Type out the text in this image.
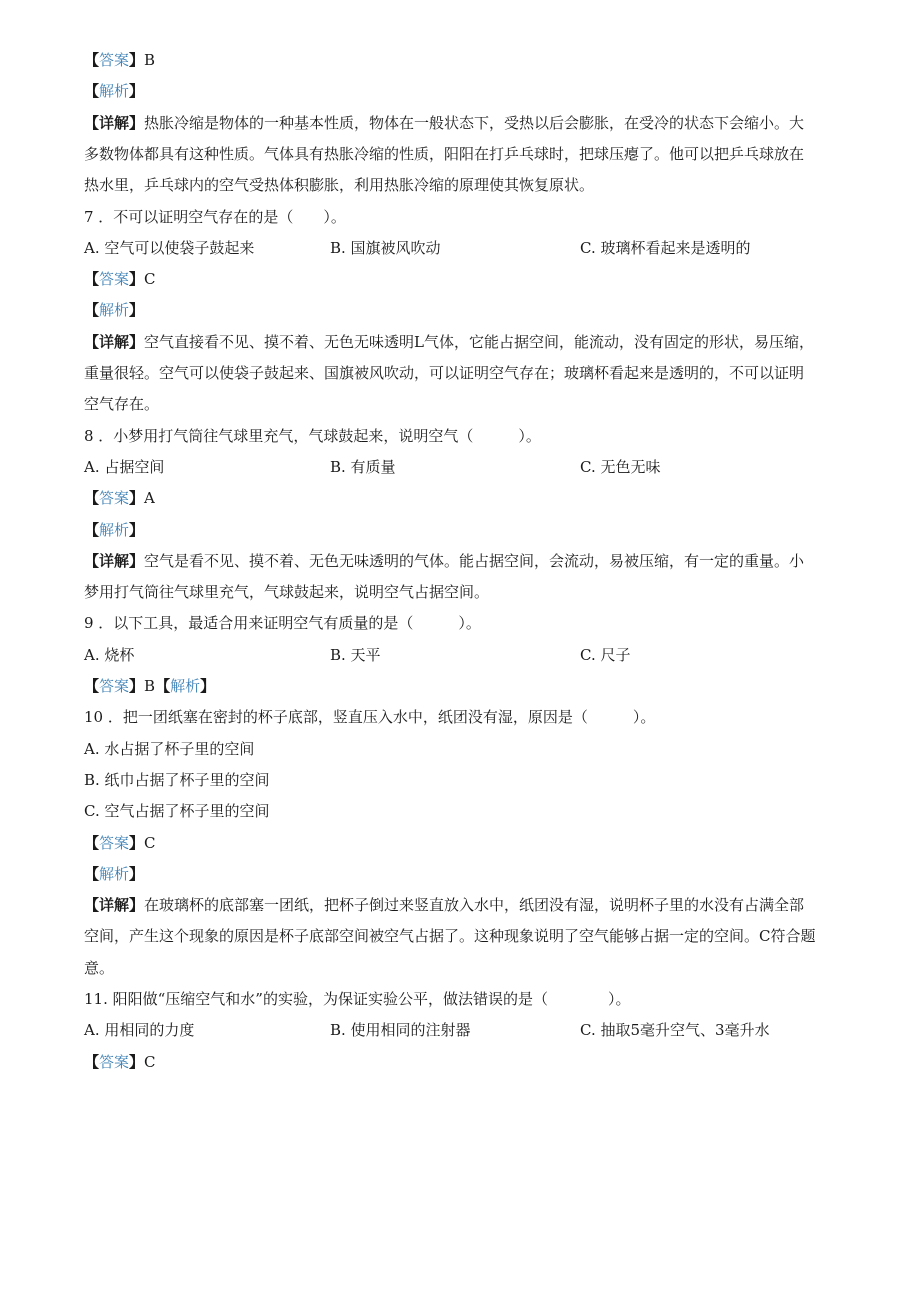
【答案】B
【解析】
【详解】热胀冷缩是物体的一种基本性质，物体在一般状态下，受热以后会膨胀，在受冷的状态下会缩小。大
多数物体都具有这种性质。气体具有热胀冷缩的性质，阳阳在打乒乓球时，把球压瘪了。他可以把乒乓球放在
热水里，乒乓球内的空气受热体积膨胀，利用热胀冷缩的原理使其恢复原状。
7 ．不可以证明空气存在的是（　　）。
A. 空气可以使袋子鼓起来	B. 国旗被风吹动	C. 玻璃杯看起来是透明的
【答案】C
【解析】
【详解】空气直接看不见、摸不着、无色无味透明L气体，它能占据空间，能流动，没有固定的形状，易压缩，
重量很轻。空气可以使袋子鼓起来、国旗被风吹动，可以证明空气存在；玻璃杯看起来是透明的，不可以证明
空气存在。
8 ．小梦用打气筒往气球里充气，气球鼓起来，说明空气（　　　）。
A. 占据空间	B. 有质量	C. 无色无味
【答案】A
【解析】
【详解】空气是看不见、摸不着、无色无味透明的气体。能占据空间，会流动，易被压缩，有一定的重量。小
梦用打气筒往气球里充气，气球鼓起来，说明空气占据空间。
9 ．以下工具，最适合用来证明空气有质量的是（　　　）。
A. 烧杯	B. 天平	C. 尺子
【答案】B【解析】
10 ．把一团纸塞在密封的杯子底部，竖直压入水中，纸团没有湿，原因是（　　　）。
A. 水占据了杯子里的空间
B. 纸巾占据了杯子里的空间
C. 空气占据了杯子里的空间
【答案】C
【解析】
【详解】在玻璃杯的底部塞一团纸，把杯子倒过来竖直放入水中，纸团没有湿，说明杯子里的水没有占满全部
空间，产生这个现象的原因是杯子底部空间被空气占据了。这种现象说明了空气能够占据一定的空间。C符合题
意。
11. 阳阳做“压缩空气和水”的实验，为保证实验公平，做法错误的是（　　　　）。
A. 用相同的力度	B. 使用相同的注射器	C. 抽取5毫升空气、3毫升水
【答案】C
